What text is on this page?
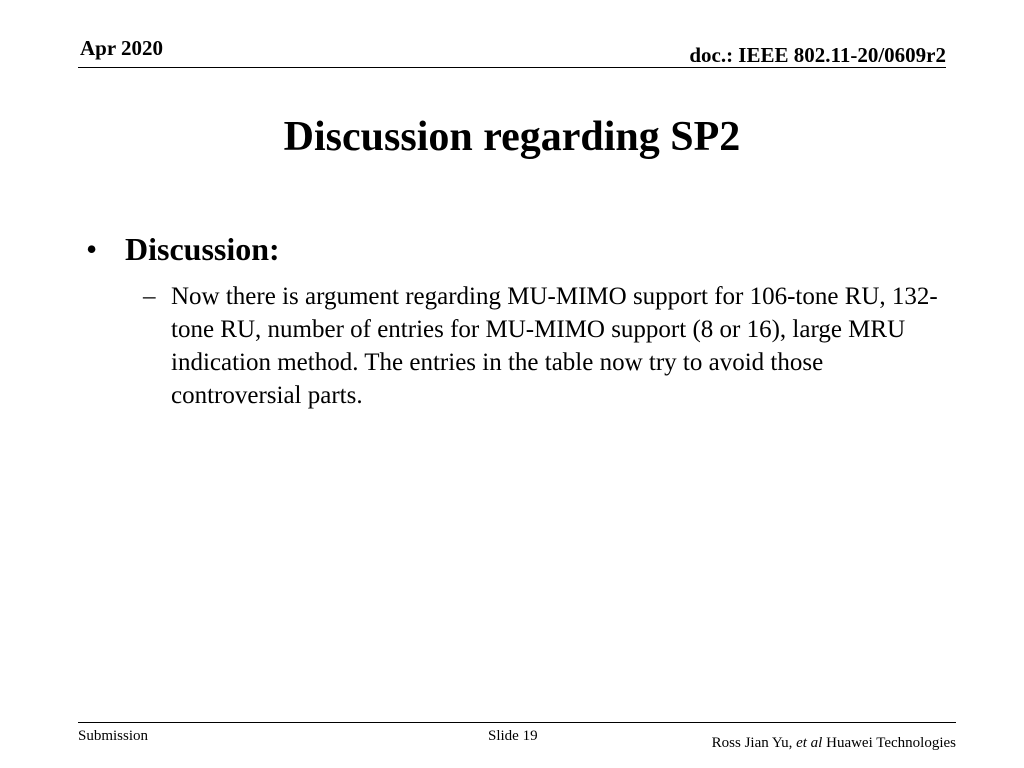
Apr 2020	doc.: IEEE 802.11-20/0609r2
Discussion regarding SP2
• Discussion:
– Now there is argument regarding MU-MIMO support for 106-tone RU, 132-tone RU, number of entries for MU-MIMO support (8 or 16), large MRU indication method. The entries in the table now try to avoid those controversial parts.
Submission	Slide 19	Ross Jian Yu, et al Huawei Technologies
